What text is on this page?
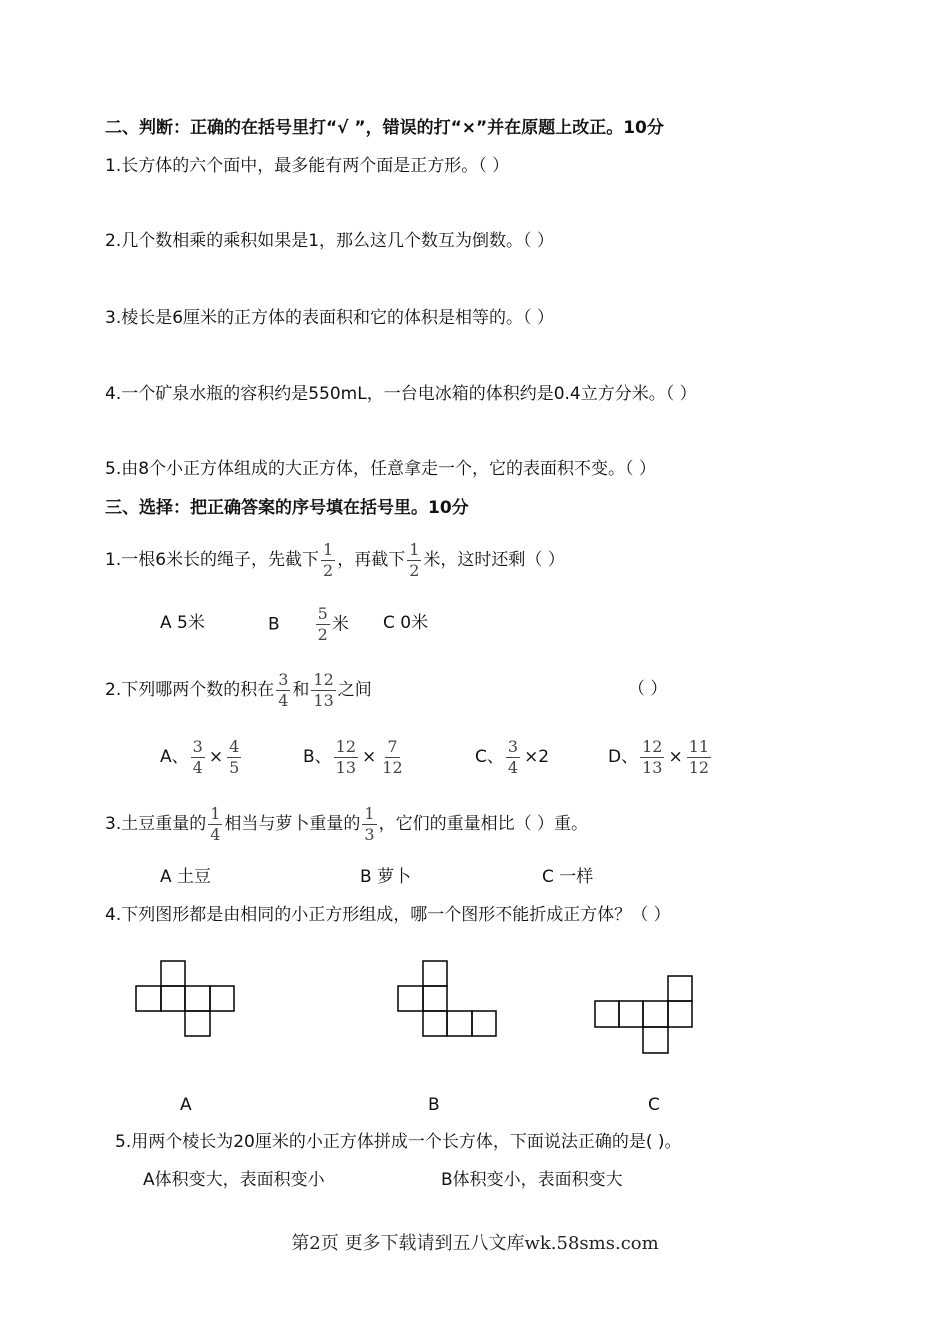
二、判断：正确的在括号里打“√ ”，错误的打“×”并在原题上改正。10分
1.长方体的六个面中，最多能有两个面是正方形。（ ）
2.几个数相乘的乘积如果是1，那么这几个数互为倒数。（ ）
3.棱长是6厘米的正方体的表面积和它的体积是相等的。（ ）
4.一个矿泉水瓶的容积约是550mL，一台电冰箱的体积约是0.4立方分米。（ ）
5.由8个小正方体组成的大正方体，任意拿走一个，它的表面积不变。（ ）
三、选择：把正确答案的序号填在括号里。10分
1.一根6米长的绳子，先截下 $\frac{1}{2}$ ，再截下 $\frac{1}{2}$ 米，这时还剩（ ）
A 5米	B $\frac{5}{2}$ 米 C 0米
2.下列哪两个数的积在 $\frac{3}{4}$ 和 $\frac{12}{13}$ 之间	（ ）
A、 $\frac{3}{4} \times \frac{4}{5}$	B、 $\frac{12}{13} \times \frac{7}{12}$	C、 $\frac{3}{4} \times 2$	D、 $\frac{12}{13} \times \frac{11}{12}$
3.土豆重量的 $\frac{1}{4}$ 相当与萝卜重量的 $\frac{1}{3}$ ，它们的重量相比（ ）重。
A 土豆	B 萝卜	C 一样
4.下列图形都是由相同的小正方形组成，哪一个图形不能折成正方体？（ ）
A	B	C
5.用两个棱长为20厘米的小正方体拼成一个长方体，下面说法正确的是( )。
A体积变大，表面积变小	B体积变小，表面积变大
第2页 更多下载请到五八文库wk.58sms.com
